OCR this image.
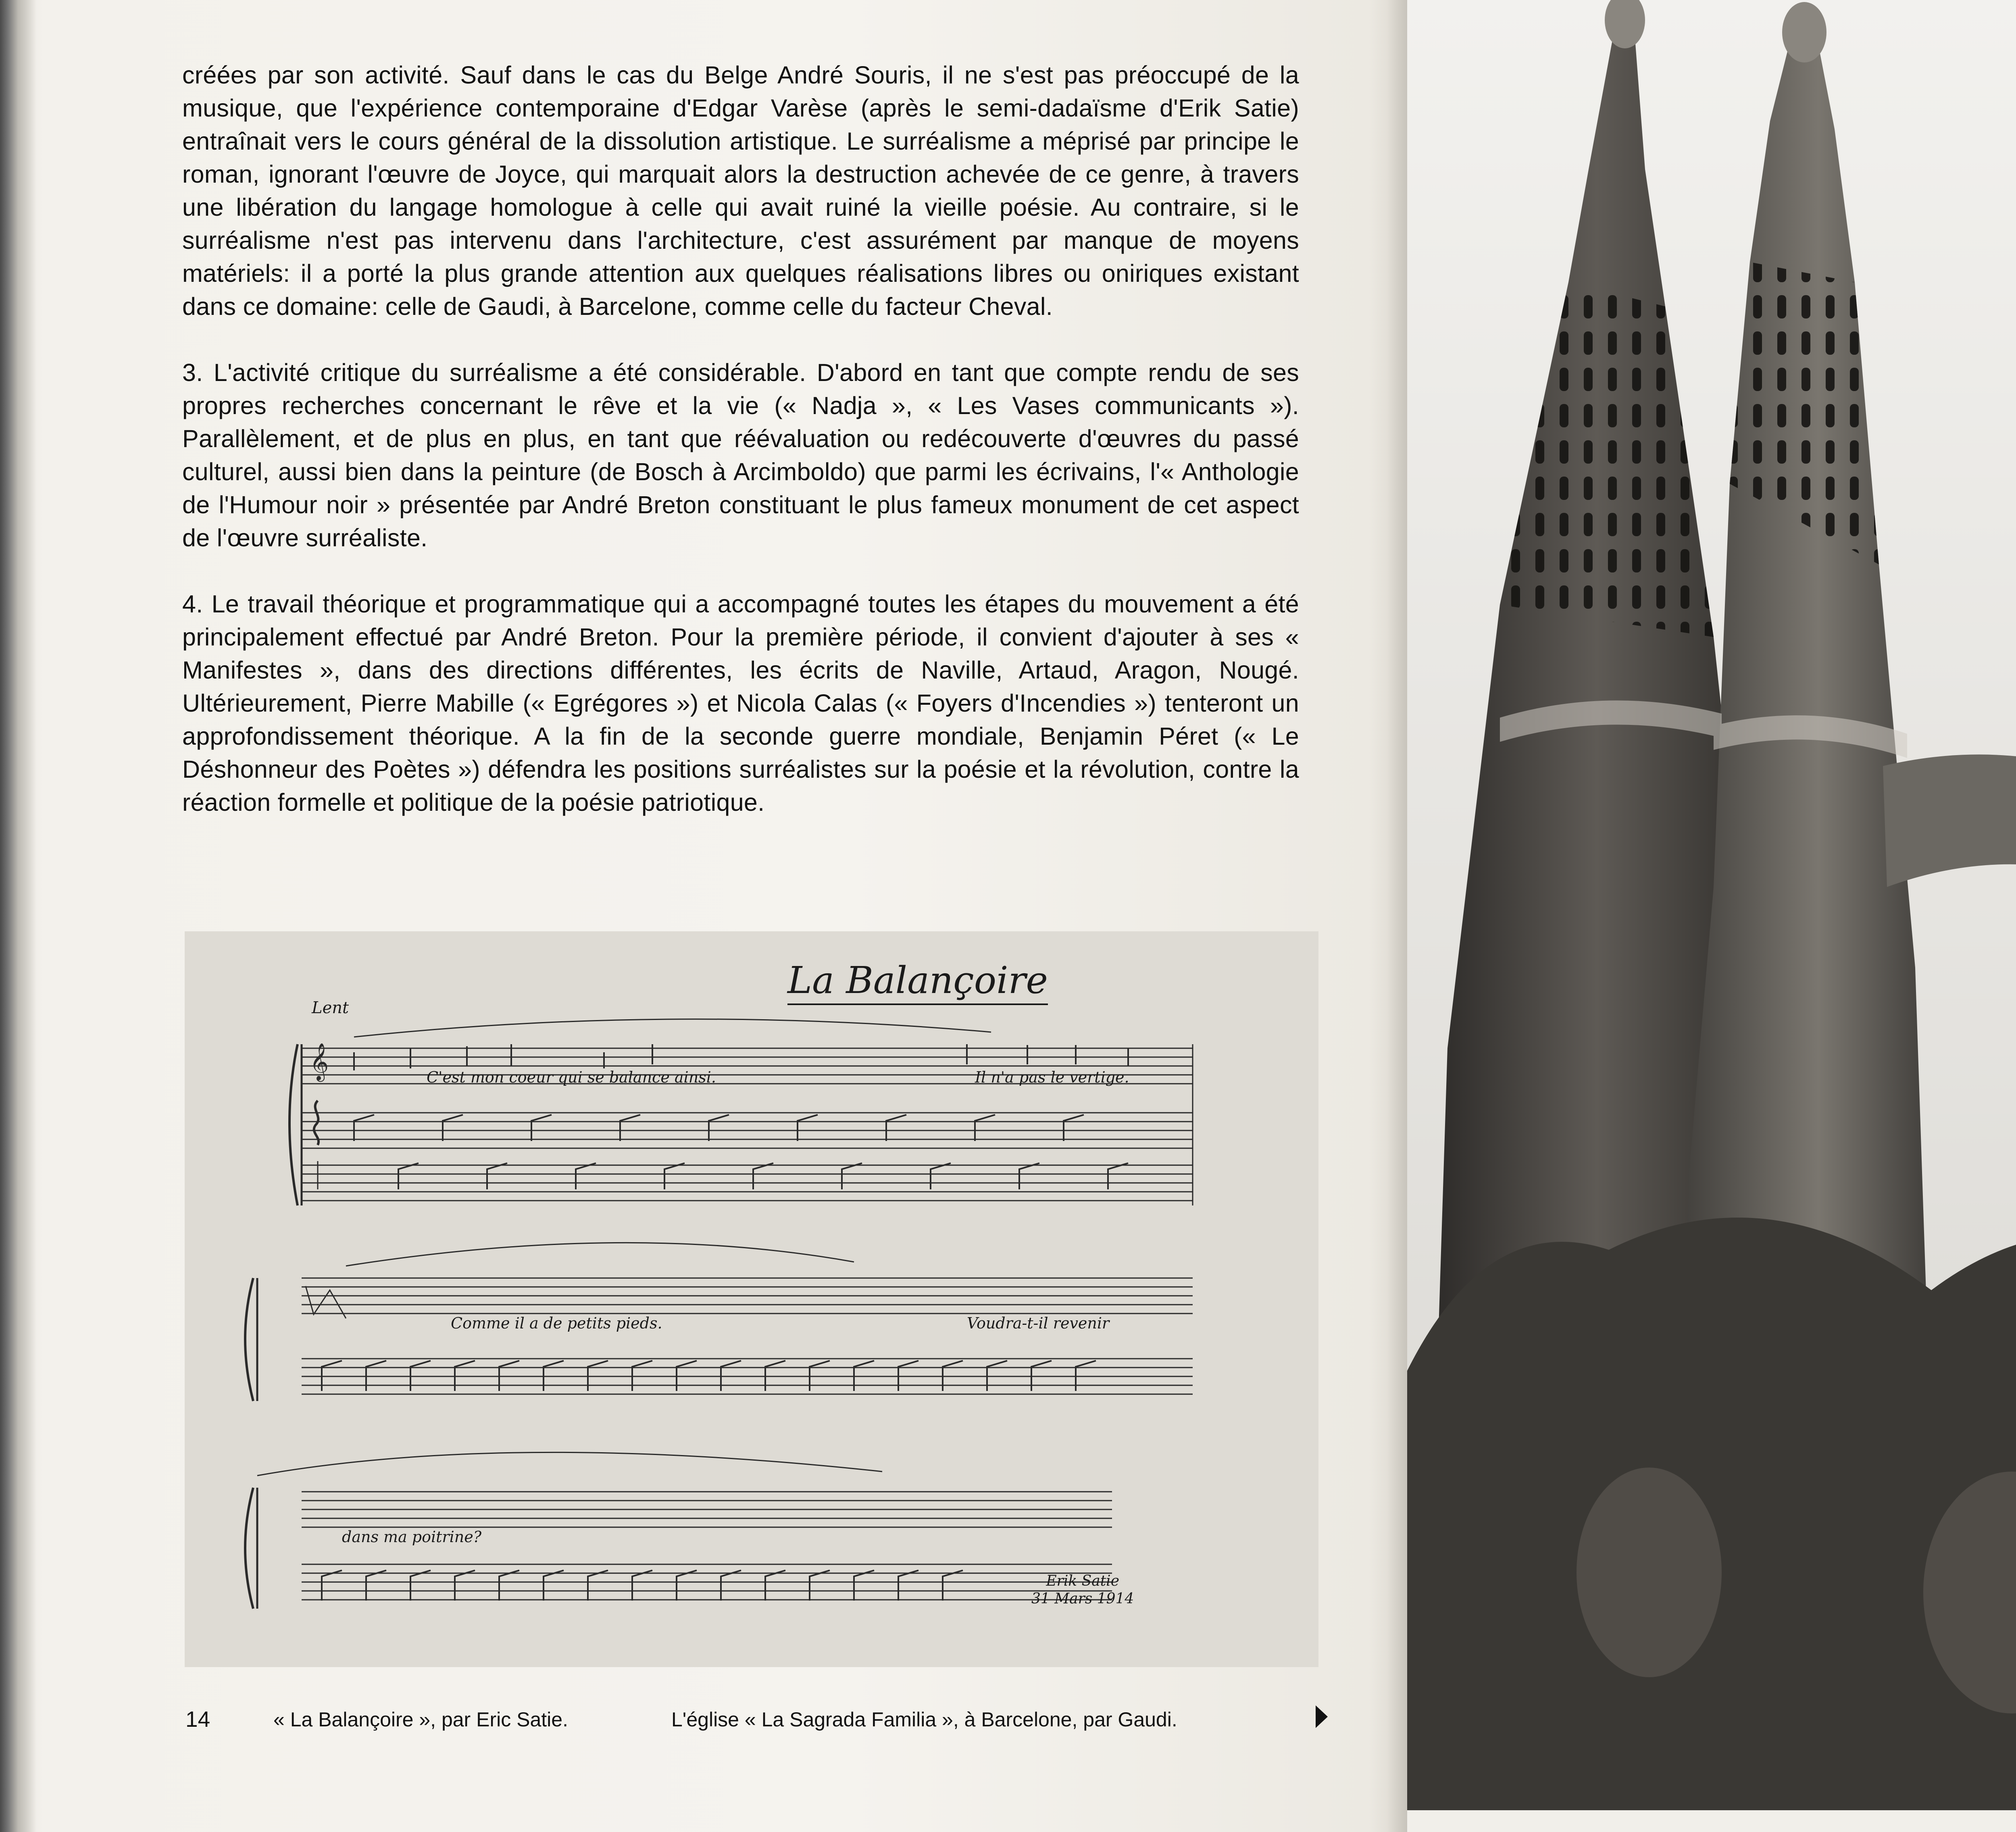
créées par son activité. Sauf dans le cas du Belge André Souris, il ne s'est pas préoccupé de la musique, que l'expérience contemporaine d'Edgar Varèse (après le semi-dadaïsme d'Erik Satie) entraînait vers le cours général de la dissolution artistique. Le surréalisme a méprisé par principe le roman, ignorant l'œuvre de Joyce, qui marquait alors la destruction achevée de ce genre, à travers une libération du langage homologue à celle qui avait ruiné la vieille poésie. Au contraire, si le surréalisme n'est pas intervenu dans l'architecture, c'est assurément par manque de moyens matériels: il a porté la plus grande attention aux quelques réalisations libres ou oniriques existant dans ce domaine: celle de Gaudi, à Barcelone, comme celle du facteur Cheval.

3. L'activité critique du surréalisme a été considérable. D'abord en tant que compte rendu de ses propres recherches concernant le rêve et la vie (« Nadja », « Les Vases communicants »). Parallèlement, et de plus en plus, en tant que réévaluation ou redécouverte d'œuvres du passé culturel, aussi bien dans la peinture (de Bosch à Arcimboldo) que parmi les écrivains, l'« Anthologie de l'Humour noir » présentée par André Breton constituant le plus fameux monument de cet aspect de l'œuvre surréaliste.

4. Le travail théorique et programmatique qui a accompagné toutes les étapes du mouvement a été principalement effectué par André Breton. Pour la première période, il convient d'ajouter à ses « Manifestes », dans des directions différentes, les écrits de Naville, Artaud, Aragon, Nougé. Ultérieurement, Pierre Mabille (« Egrégores ») et Nicola Calas (« Foyers d'Incendies ») tenteront un approfondissement théorique. A la fin de la seconde guerre mondiale, Benjamin Péret (« Le Déshonneur des Poètes ») défendra les positions surréalistes sur la poésie et la révolution, contre la réaction formelle et politique de la poésie patriotique.

𝄞
La Balançoire
Lent
C'est mon coeur qui se balance ainsi.	Il n'a pas le vertige.
Comme il a de petits pieds.	Voudra-t-il revenir
dans ma poitrine?
Erik Satie
31 Mars 1914
14	« La Balançoire », par Eric Satie.	L'église « La Sagrada Familia », à Barcelone, par Gaudi.
